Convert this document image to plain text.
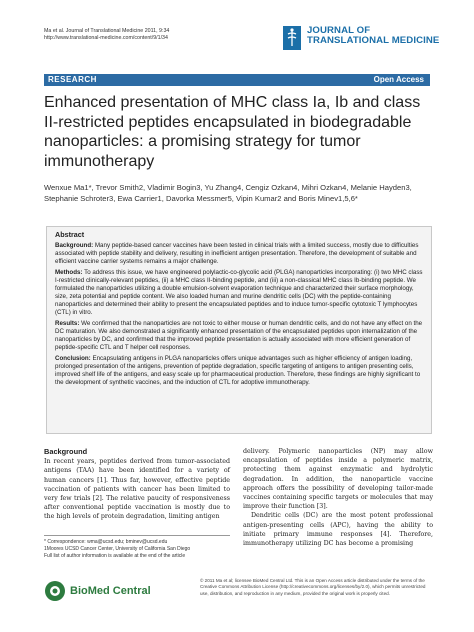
Ma et al. Journal of Translational Medicine 2011, 9:34
http://www.translational-medicine.com/content/9/1/34
JOURNAL OF
TRANSLATIONAL MEDICINE
RESEARCH	Open Access
Enhanced presentation of MHC class Ia, Ib and class II-restricted peptides encapsulated in biodegradable nanoparticles: a promising strategy for tumor immunotherapy
Wenxue Ma1*, Trevor Smith2, Vladimir Bogin3, Yu Zhang4, Cengiz Ozkan4, Mihri Ozkan4, Melanie Hayden3, Stephanie Schroter3, Ewa Carrier1, Davorka Messmer5, Vipin Kumar2 and Boris Minev1,5,6*
Abstract

Background: Many peptide-based cancer vaccines have been tested in clinical trials with a limited success, mostly due to difficulties associated with peptide stability and delivery, resulting in inefficient antigen presentation. Therefore, the development of suitable and efficient vaccine carrier systems remains a major challenge.

Methods: To address this issue, we have engineered polylactic-co-glycolic acid (PLGA) nanoparticles incorporating: (i) two MHC class I-restricted clinically-relevant peptides, (ii) a MHC class II-binding peptide, and (iii) a non-classical MHC class Ib-binding peptide. We formulated the nanoparticles utilizing a double emulsion-solvent evaporation technique and characterized their surface morphology, size, zeta potential and peptide content. We also loaded human and murine dendritic cells (DC) with the peptide-containing nanoparticles and determined their ability to present the encapsulated peptides and to induce tumor-specific cytotoxic T lymphocytes (CTL) in vitro.

Results: We confirmed that the nanoparticles are not toxic to either mouse or human dendritic cells, and do not have any effect on the DC maturation. We also demonstrated a significantly enhanced presentation of the encapsulated peptides upon internalization of the nanoparticles by DC, and confirmed that the improved peptide presentation is actually associated with more efficient generation of peptide-specific CTL and T helper cell responses.

Conclusion: Encapsulating antigens in PLGA nanoparticles offers unique advantages such as higher efficiency of antigen loading, prolonged presentation of the antigens, prevention of peptide degradation, specific targeting of antigens to antigen presenting cells, improved shelf life of the antigens, and easy scale up for pharmaceutical production. Therefore, these findings are highly significant to the development of synthetic vaccines, and the induction of CTL for adoptive immunotherapy.

Background

In recent years, peptides derived from tumor-associated antigens (TAA) have been identified for a variety of human cancers [1]. Thus far, however, effective peptide vaccination of patients with cancer has been limited to very few trials [2]. The relative paucity of responsiveness after conventional peptide vaccination is mostly due to the high levels of protein degradation, limiting antigen

delivery. Polymeric nanoparticles (NP) may allow encapsulation of peptides inside a polymeric matrix, protecting them against enzymatic and hydrolytic degradation. In addition, the nanoparticle vaccine approach offers the possibility of developing tailor-made vaccines containing specific targets or molecules that may improve their function [3].

Dendritic cells (DC) are the most potent professional antigen-presenting cells (APC), having the ability to initiate primary immune responses [4]. Therefore, immunotherapy utilizing DC has become a promising

* Correspondence: wma@ucsd.edu; bminev@ucsd.edu
1Moores UCSD Cancer Center, University of California San Diego
Full list of author information is available at the end of the article
BioMed Central
© 2011 Ma et al; licensee BioMed Central Ltd. This is an Open Access article distributed under the terms of the Creative Commons Attribution License (http://creativecommons.org/licenses/by/2.0), which permits unrestricted use, distribution, and reproduction in any medium, provided the original work is properly cited.
